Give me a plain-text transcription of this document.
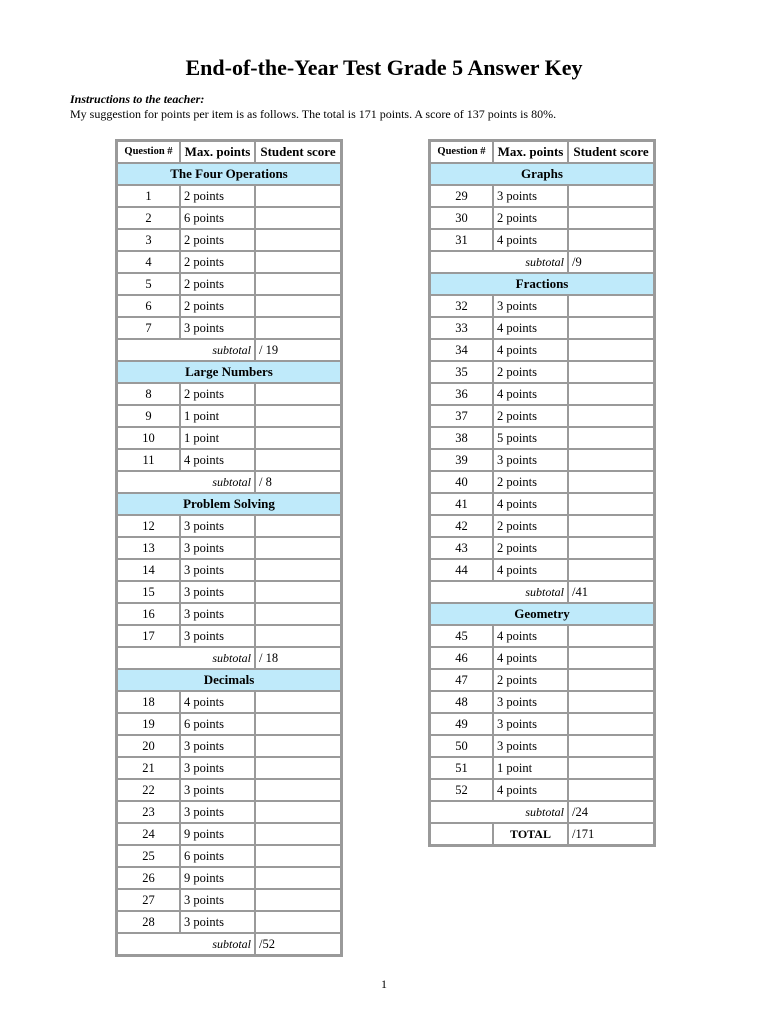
End-of-the-Year Test Grade 5 Answer Key
Instructions to the teacher:
My suggestion for points per item is as follows. The total is 171 points. A score of 137 points is 80%.
Question #	Max. points	Student score
The Four Operations		
1	2 points	
2	6 points	
3	2 points	
4	2 points	
5	2 points	
6	2 points	
7	3 points	
subtotal		/ 19
Large Numbers		
8	2 points	
9	1 point	
10	1 point	
11	4 points	
subtotal		/ 8
Problem Solving		
12	3 points	
13	3 points	
14	3 points	
15	3 points	
16	3 points	
17	3 points	
subtotal		/ 18
Decimals		
18	4 points	
19	6 points	
20	3 points	
21	3 points	
22	3 points	
23	3 points	
24	9 points	
25	6 points	
26	9 points	
27	3 points	
28	3 points	
subtotal		/52
Question #	Max. points	Student score
Graphs		
29	3 points	
30	2 points	
31	4 points	
subtotal		/9
Fractions		
32	3 points	
33	4 points	
34	4 points	
35	2 points	
36	4 points	
37	2 points	
38	5 points	
39	3 points	
40	2 points	
41	4 points	
42	2 points	
43	2 points	
44	4 points	
subtotal		/41
Geometry		
45	4 points	
46	4 points	
47	2 points	
48	3 points	
49	3 points	
50	3 points	
51	1 point	
52	4 points	
subtotal		/24
	TOTAL	/171
1
